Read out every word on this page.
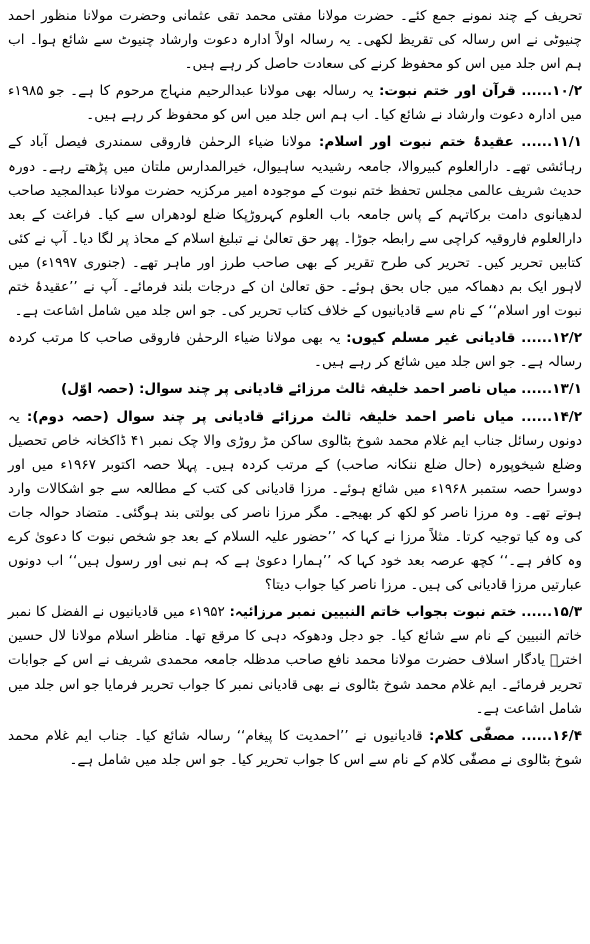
تحریف کے چند نمونے جمع کئے۔ حضرت مولانا مفتی محمد تقی عثمانی وحضرت مولانا منظور احمد چنیوٹی نے اس رسالہ کی تقریظ لکھی۔ یہ رسالہ اولاً ادارہ دعوت وارشاد چنیوٹ سے شائع ہوا۔ اب ہم اس جلد میں اس کو محفوظ کرنے کی سعادت حاصل کر رہے ہیں۔

۱۰/۲...... قرآن اور ختم نبوت: یہ رسالہ بھی مولانا عبدالرحیم منہاج مرحوم کا ہے۔ جو ۱۹۸۵ء میں ادارہ دعوت وارشاد نے شائع کیا۔ اب ہم اس جلد میں اس کو محفوظ کر رہے ہیں۔

۱۱/۱...... عقیدۂ ختم نبوت اور اسلام: مولانا ضیاء الرحمٰن فاروقی سمندری فیصل آباد کے رہائشی تھے۔ دارالعلوم کبیروالا، جامعہ رشیدیہ ساہیوال، خیرالمدارس ملتان میں پڑھتے رہے۔ دورہ حدیث شریف عالمی مجلس تحفظ ختم نبوت کے موجودہ امیر مرکزیہ حضرت مولانا عبدالمجید صاحب لدھیانوی دامت برکاتہم کے پاس جامعہ باب العلوم کہروڑپکا ضلع لودھراں سے کیا۔ فراغت کے بعد دارالعلوم فاروقیہ کراچی سے رابطہ جوڑا۔ پھر حق تعالیٰ نے تبلیغ اسلام کے محاذ پر لگا دیا۔ آپ نے کئی کتابیں تحریر کیں۔ تحریر کی طرح تقریر کے بھی صاحب طرز اور ماہر تھے۔ (جنوری ۱۹۹۷ء) میں لاہور ایک بم دھماکہ میں جاں بحق ہوئے۔ حق تعالیٰ ان کے درجات بلند فرمائے۔ آپ نے ’’عقیدۂ ختم نبوت اور اسلام‘‘ کے نام سے قادیانیوں کے خلاف کتاب تحریر کی۔ جو اس جلد میں شامل اشاعت ہے۔

۱۲/۲...... قادیانی غیر مسلم کیوں: یہ بھی مولانا ضیاء الرحمٰن فاروقی صاحب کا مرتب کردہ رسالہ ہے۔ جو اس جلد میں شائع کر رہے ہیں۔

۱۳/۱...... میاں ناصر احمد خلیفہ ثالث مرزائے قادیانی پر چند سوال: (حصہ اوّل)

۱۴/۲...... میاں ناصر احمد خلیفہ ثالث مرزائے قادیانی پر چند سوال (حصہ دوم): یہ دونوں رسائل جناب ایم غلام محمد شوخ بٹالوی ساکن مڑ روڑی والا چک نمبر ۴۱ ڈاکخانہ خاص تحصیل وضلع شیخوپورہ (حال ضلع ننکانہ صاحب) کے مرتب کردہ ہیں۔ پہلا حصہ اکتوبر ۱۹۶۷ء میں اور دوسرا حصہ ستمبر ۱۹۶۸ء میں شائع ہوئے۔ مرزا قادیانی کی کتب کے مطالعہ سے جو اشکالات وارد ہوتے تھے۔ وہ مرزا ناصر کو لکھ کر بھیجے۔ مگر مرزا ناصر کی بولتی بند ہوگئی۔ متضاد حوالہ جات کی وہ کیا توجیہ کرتا۔ مثلاً مرزا نے کہا کہ ’’حضور علیہ السلام کے بعد جو شخص نبوت کا دعویٰ کرے وہ کافر ہے۔‘‘ کچھ عرصہ بعد خود کہا کہ ’’ہمارا دعویٰ ہے کہ ہم نبی اور رسول ہیں‘‘ اب دونوں عبارتیں مرزا قادیانی کی ہیں۔ مرزا ناصر کیا جواب دیتا؟

۱۵/۳...... ختم نبوت بجواب خاتم النبیین نمبر مرزائیہ: ۱۹۵۲ء میں قادیانیوں نے الفضل کا نمبر خاتم النبیین کے نام سے شائع کیا۔ جو دجل ودھوکہ دہی کا مرقع تھا۔ مناظر اسلام مولانا لال حسین اخترؒ یادگار اسلاف حضرت مولانا محمد نافع صاحب مدظلہ جامعہ محمدی شریف نے اس کے جوابات تحریر فرمائے۔ ایم غلام محمد شوخ بٹالوی نے بھی قادیانی نمبر کا جواب تحریر فرمایا جو اس جلد میں شامل اشاعت ہے۔

۱۶/۴...... مصفّٰی کلام: قادیانیوں نے ’’احمدیت کا پیغام‘‘ رسالہ شائع کیا۔ جناب ایم غلام محمد شوخ بٹالوی نے مصفّٰی کلام کے نام سے اس کا جواب تحریر کیا۔ جو اس جلد میں شامل ہے۔
